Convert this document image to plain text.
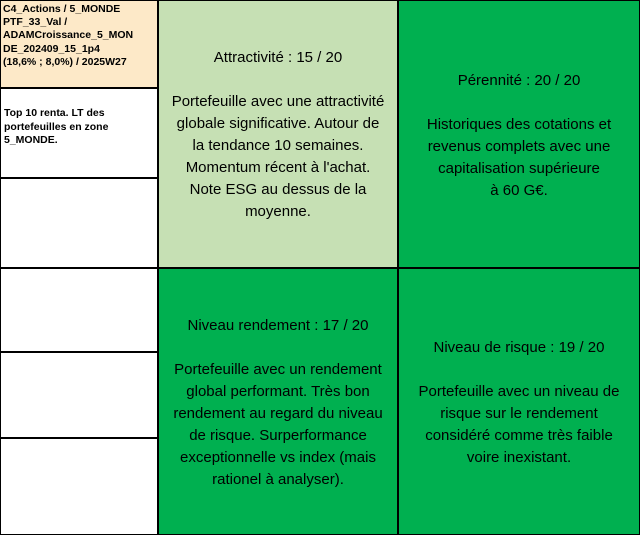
C4_Actions / 5_MONDE
PTF_33_Val /
ADAMCroissance_5_MON
DE_202409_15_1p4
(18,6% ; 8,0%) / 2025W27
Top 10 renta. LT des
portefeuilles en zone
5_MONDE.
Attractivité : 15 / 20
Portefeuille avec une attractivité
globale significative. Autour de
la tendance 10 semaines.
Momentum récent à l'achat.
Note ESG au dessus de la
moyenne.
Pérennité : 20 / 20
Historiques des cotations et
revenus complets avec une
capitalisation supérieure
à 60 G€.
Niveau rendement : 17 / 20
Portefeuille avec un rendement
global performant. Très bon
rendement au regard du niveau
de risque. Surperformance
exceptionnelle vs index (mais
rationel à analyser).
Niveau de risque : 19 / 20
Portefeuille avec un niveau de
risque sur le rendement
considéré comme très faible
voire inexistant.
